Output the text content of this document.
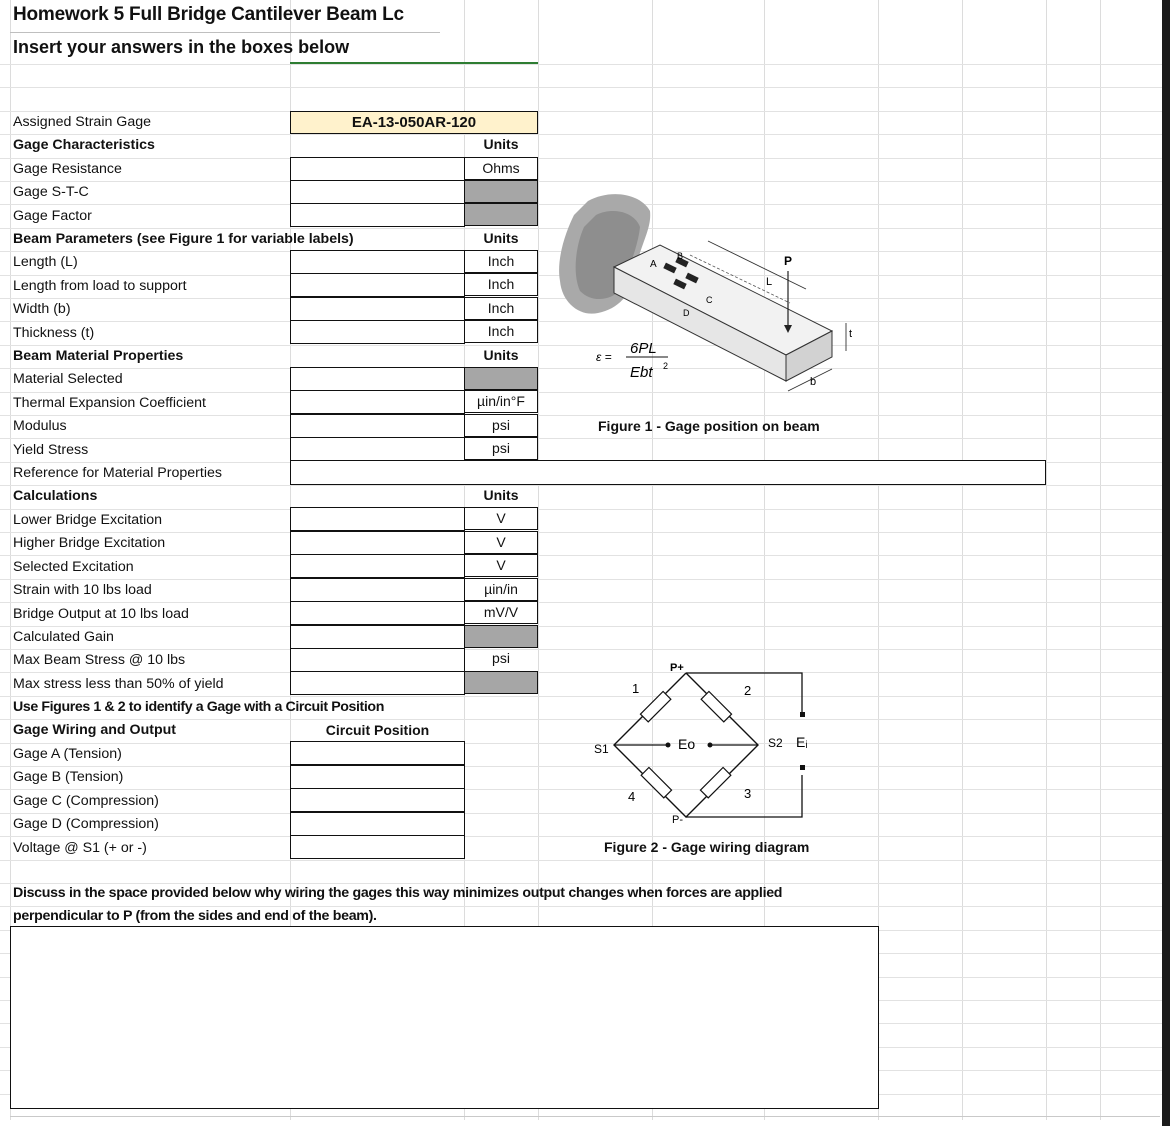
Homework 5 Full Bridge Cantilever Beam Lc
Insert your answers in the boxes below
Assigned Strain Gage	EA-13-050AR-120
Gage Characteristics	Units
Gage Resistance	Ohms
Gage S-T-C
Gage Factor
Beam Parameters (see Figure 1 for variable labels)	Units
Length (L)	Inch
Length from load to support	Inch
Width (b)	Inch
Thickness (t)	Inch
Beam Material Properties	Units
Material Selected
Thermal Expansion Coefficient	µin/in°F
Modulus	psi
Yield Stress	psi
Reference for Material Properties
Calculations	Units
Lower Bridge Excitation	V
Higher Bridge Excitation	V
Selected Excitation	V
Strain with 10 lbs load	µin/in
Bridge Output at 10 lbs load	mV/V
Calculated Gain
Max Beam Stress @ 10 lbs	psi
Max stress less than 50% of yield
Use Figures 1 & 2 to identify a Gage with a Circuit Position
Gage Wiring and Output	Circuit Position
Gage A (Tension)
Gage B (Tension)
Gage C (Compression)
Gage D (Compression)
Voltage @ S1 (+ or -)
A
B
C
D
L
P
t
b
ε = 6PL
Ebt 2
Figure 1 - Gage position on beam
Eo
P+
P-
1	2
3
4
S1	S2 Eᵢ
Figure 2 - Gage wiring diagram
Discuss in the space provided below why wiring the gages this way minimizes output changes when forces are applied
perpendicular to P (from the sides and end of the beam).
